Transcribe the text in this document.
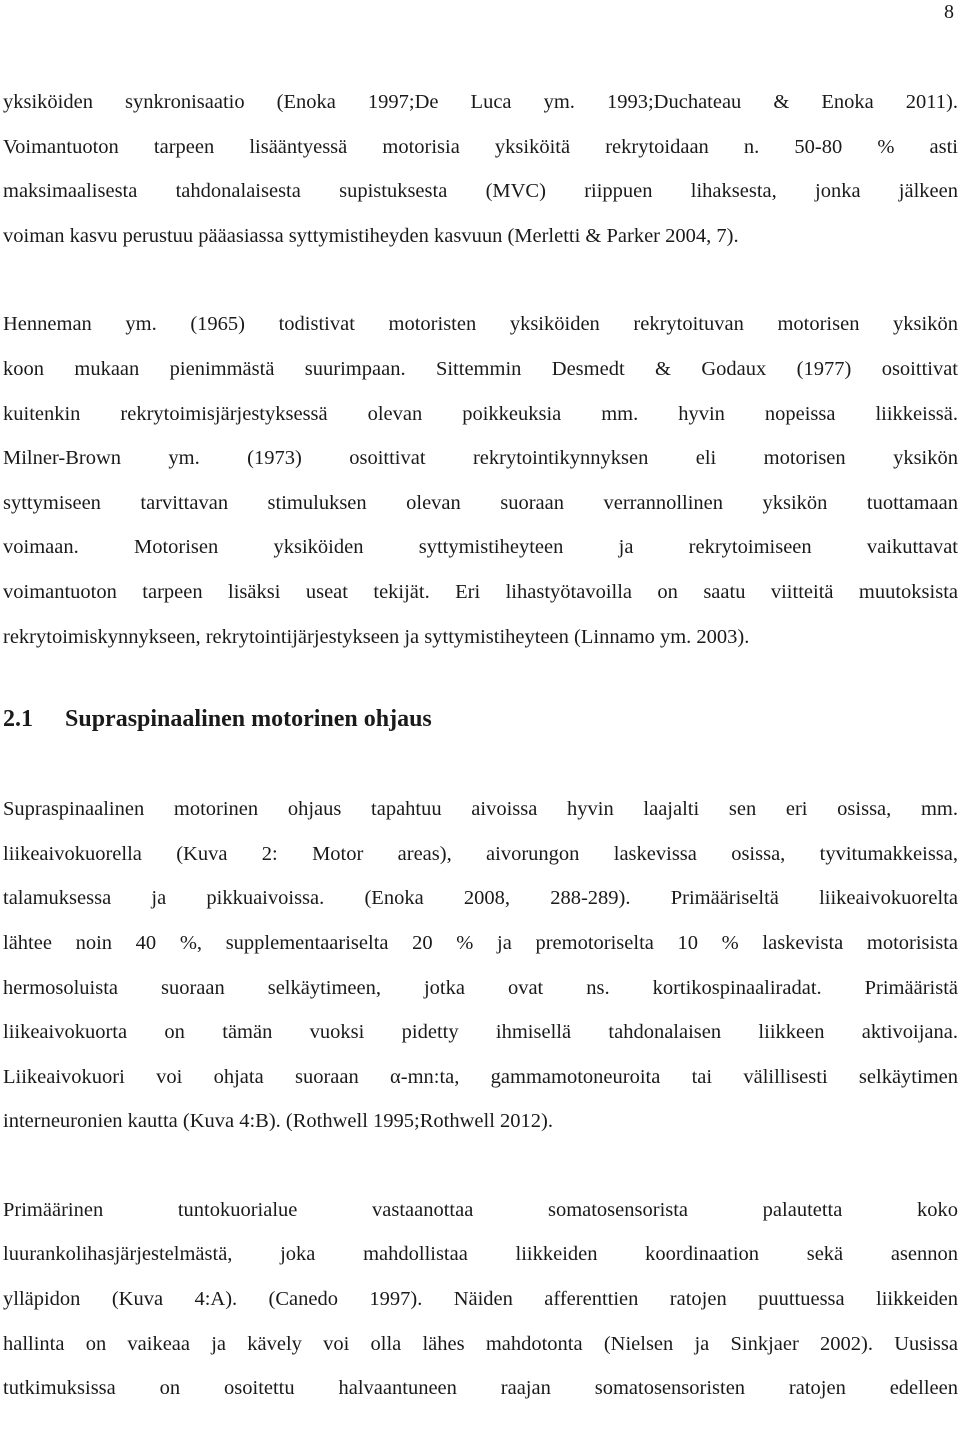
8

yksiköiden synkronisaatio (Enoka 1997;De Luca ym. 1993;Duchateau & Enoka 2011).
Voimantuoton tarpeen lisääntyessä motorisia yksiköitä rekrytoidaan n. 50-80 % asti
maksimaalisesta tahdonalaisesta supistuksesta (MVC) riippuen lihaksesta, jonka jälkeen
voiman kasvu perustuu pääasiassa syttymistiheyden kasvuun (Merletti & Parker 2004, 7).

Henneman ym. (1965) todistivat motoristen yksiköiden rekrytoituvan motorisen yksikön
koon mukaan pienimmästä suurimpaan. Sittemmin Desmedt & Godaux (1977) osoittivat
kuitenkin rekrytoimisjärjestyksessä olevan poikkeuksia mm. hyvin nopeissa liikkeissä.
Milner-Brown ym. (1973) osoittivat rekrytointikynnyksen eli motorisen yksikön
syttymiseen tarvittavan stimuluksen olevan suoraan verrannollinen yksikön tuottamaan
voimaan. Motorisen yksiköiden syttymistiheyteen ja rekrytoimiseen vaikuttavat
voimantuoton tarpeen lisäksi useat tekijät. Eri lihastyötavoilla on saatu viitteitä muutoksista
rekrytoimiskynnykseen, rekrytointijärjestykseen ja syttymistiheyteen (Linnamo ym. 2003).

2.1 Supraspinaalinen motorinen ohjaus

Supraspinaalinen motorinen ohjaus tapahtuu aivoissa hyvin laajalti sen eri osissa, mm.
liikeaivokuorella (Kuva 2: Motor areas), aivorungon laskevissa osissa, tyvitumakkeissa,
talamuksessa ja pikkuaivoissa. (Enoka 2008, 288-289). Primääriseltä liikeaivokuorelta
lähtee noin 40 %, supplementaariselta 20 % ja premotoriselta 10 % laskevista motorisista
hermosoluista suoraan selkäytimeen, jotka ovat ns. kortikospinaaliradat. Primääristä
liikeaivokuorta on tämän vuoksi pidetty ihmisellä tahdonalaisen liikkeen aktivoijana.
Liikeaivokuori voi ohjata suoraan α-mn:ta, gammamotoneuroita tai välillisesti selkäytimen
interneuronien kautta (Kuva 4:B). (Rothwell 1995;Rothwell 2012).

Primäärinen tuntokuorialue vastaanottaa somatosensorista palautetta koko
luurankolihasjärjestelmästä, joka mahdollistaa liikkeiden koordinaation sekä asennon
ylläpidon (Kuva 4:A). (Canedo 1997). Näiden afferenttien ratojen puuttuessa liikkeiden
hallinta on vaikeaa ja kävely voi olla lähes mahdotonta (Nielsen ja Sinkjaer 2002). Uusissa
tutkimuksissa on osoitettu halvaantuneen raajan somatosensoristen ratojen edelleen
